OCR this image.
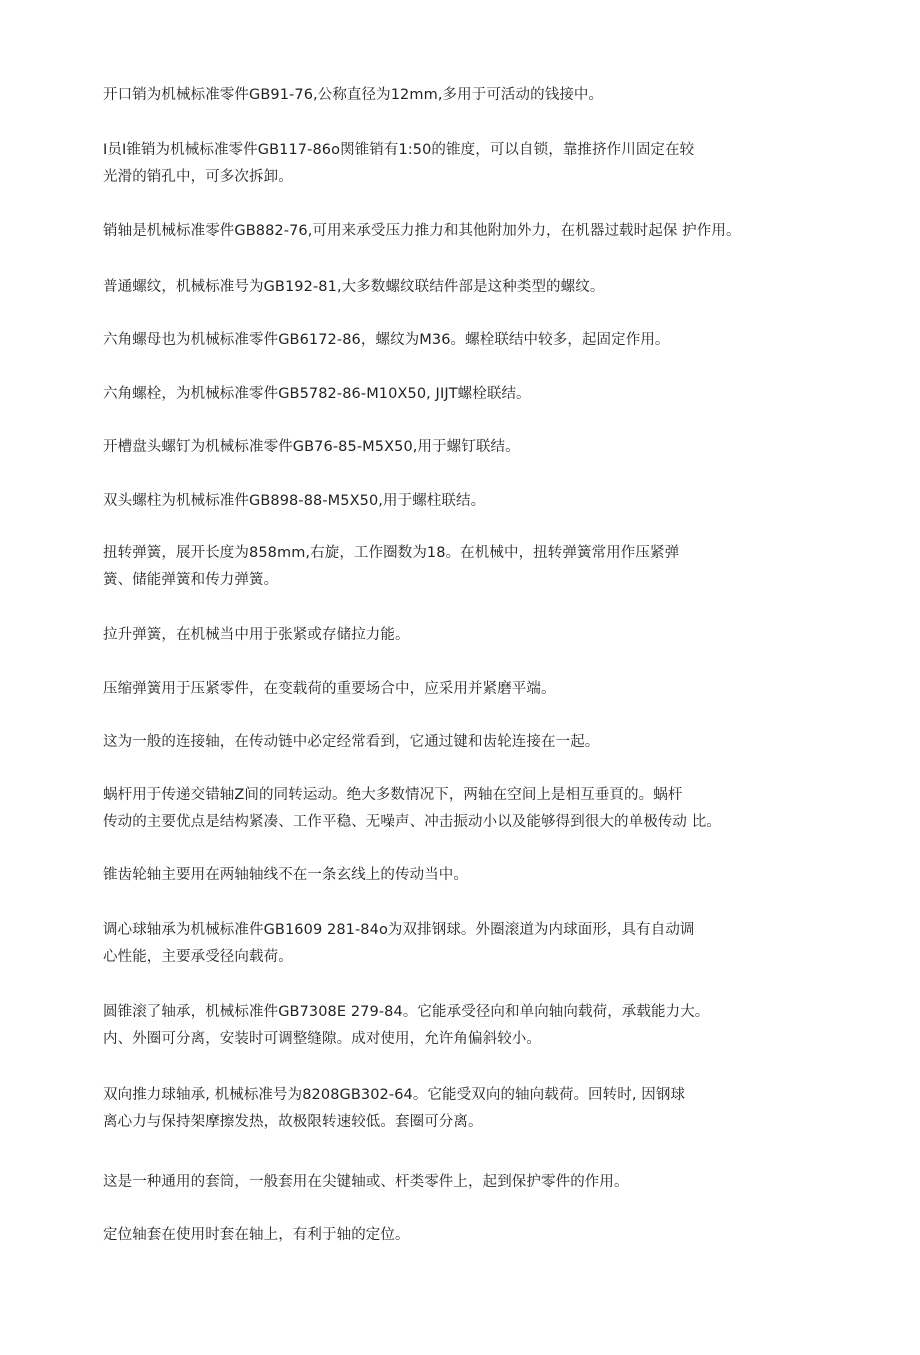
开口销为机械标准零件GB91-76,公称直径为12mm,多用于可活动的钱接中。

I员I锥销为机械标准零件GB117-86o関锥销有1:50的锥度，可以自锁，靠推挤作川固定在较
光滑的销孔中，可多次拆卸。

销轴是机械标准零件GB882-76,可用来承受压力推力和其他附加外力，在机器过载时起保 护作用。

普通螺纹，机械标准号为GB192-81,大多数螺纹联结件部是这种类型的螺纹。

六角螺母也为机械标准零件GB6172-86，螺纹为M36。螺栓联结中较多，起固定作用。

六角螺栓，为机械标准零件GB5782-86-M10X50, JIJT螺栓联结。

开槽盘头螺钉为机械标准零件GB76-85-M5X50,用于螺钉联结。

双头螺柱为机械标准件GB898-88-M5X50,用于螺柱联结。

扭转弹簧，展开长度为858mm,右旋，工作圈数为18。在机械中，扭转弹簧常用作压紧弹
簧、储能弹簧和传力弹簧。

拉升弹簧，在机械当中用于张紧或存储拉力能。

压缩弹簧用于压紧零件，在变载荷的重要场合中，应采用并紧磨平端。

这为一般的连接轴，在传动链中必定经常看到，它通过键和齿轮连接在一起。

蜗杆用于传递交错轴Z间的同转运动。绝大多数情况下，两轴在空间上是相互垂頁的。蜗杆
传动的主要优点是结构紧凑、工作平稳、无噪声、冲击振动小以及能够得到很大的单极传动 比。

锥齿轮轴主要用在两轴轴线不在一条玄线上的传动当中。

调心球轴承为机械标准件GB1609 281-84o为双排钢球。外圈滚道为内球面形，具有自动调
心性能，主要承受径向载荷。

圆锥滚了轴承，机械标准件GB7308E 279-84。它能承受径向和单向轴向载荷，承载能力大。
内、外圈可分离，安装时可调整缝隙。成对使用，允许角偏斜较小。

双向推力球轴承, 机械标准号为8208GB302-64。它能受双向的轴向载荷。回转时, 因钢球
离心力与保持架摩擦发热，故极限转速较低。套圈可分离。

这是一种通用的套筒，一般套用在尖键轴或、杆类零件上，起到保护零件的作用。

定位轴套在使用时套在轴上，有利于轴的定位。
